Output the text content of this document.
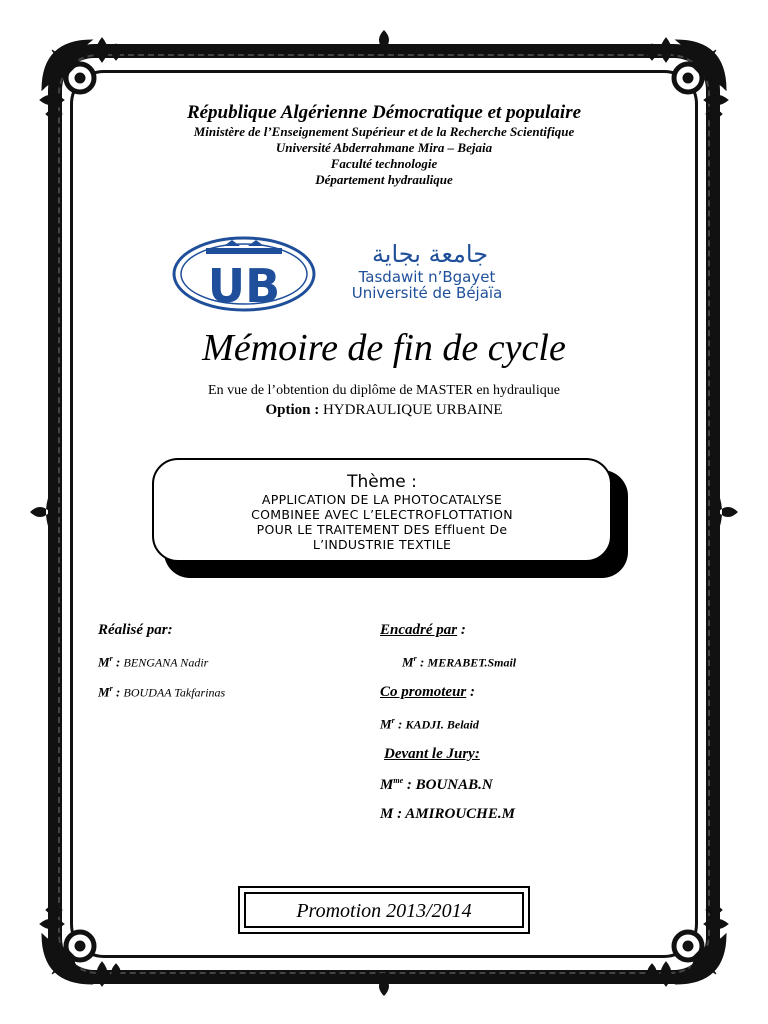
République Algérienne Démocratique et populaire
Ministère de l’Enseignement Supérieur et de la Recherche Scientifique
Université Abderrahmane Mira – Bejaia
Faculté technologie
Département hydraulique
UB
جامعة بجاية
Tasdawit n’Bgayet
Université de Béjaïa
Mémoire de fin de cycle
En vue de l’obtention du diplôme de MASTER en hydraulique
Option : HYDRAULIQUE URBAINE
Thème :
APPLICATION DE LA PHOTOCATALYSE
COMBINEE AVEC L’ELECTROFLOTTATION
POUR LE TRAITEMENT DES Effluent De
L’INDUSTRIE TEXTILE
Réalisé par:
$M^r$ : BENGANA Nadir
$M^r$ : BOUDAA Takfarinas
Encadré par :
$M^r$ : MERABET.Smail
Co promoteur :
$M^r$ : KADJI. Belaid
Devant le Jury:
$M^{me}$ : BOUNAB.N
M : AMIROUCHE.M
Promotion 2013/2014
